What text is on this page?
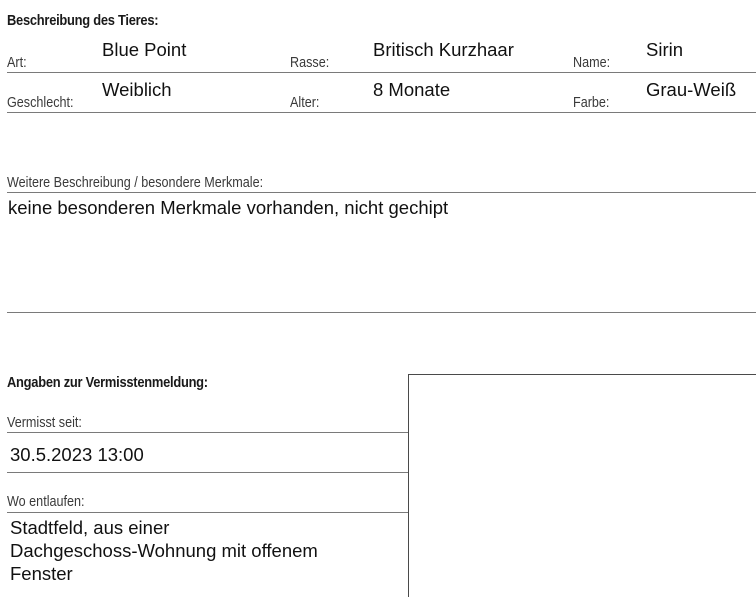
Beschreibung des Tieres:
Art:
Blue Point
Rasse:
Britisch Kurzhaar
Name:
Sirin
Geschlecht:
Weiblich
Alter:
8 Monate
Farbe:
Grau-Weiß
Weitere Beschreibung / besondere Merkmale:
keine besonderen Merkmale vorhanden, nicht gechipt
Angaben zur Vermisstenmeldung:
Vermisst seit:
30.5.2023 13:00
Wo entlaufen:
Stadtfeld, aus einer
Dachgeschoss-Wohnung mit offenem
Fenster
